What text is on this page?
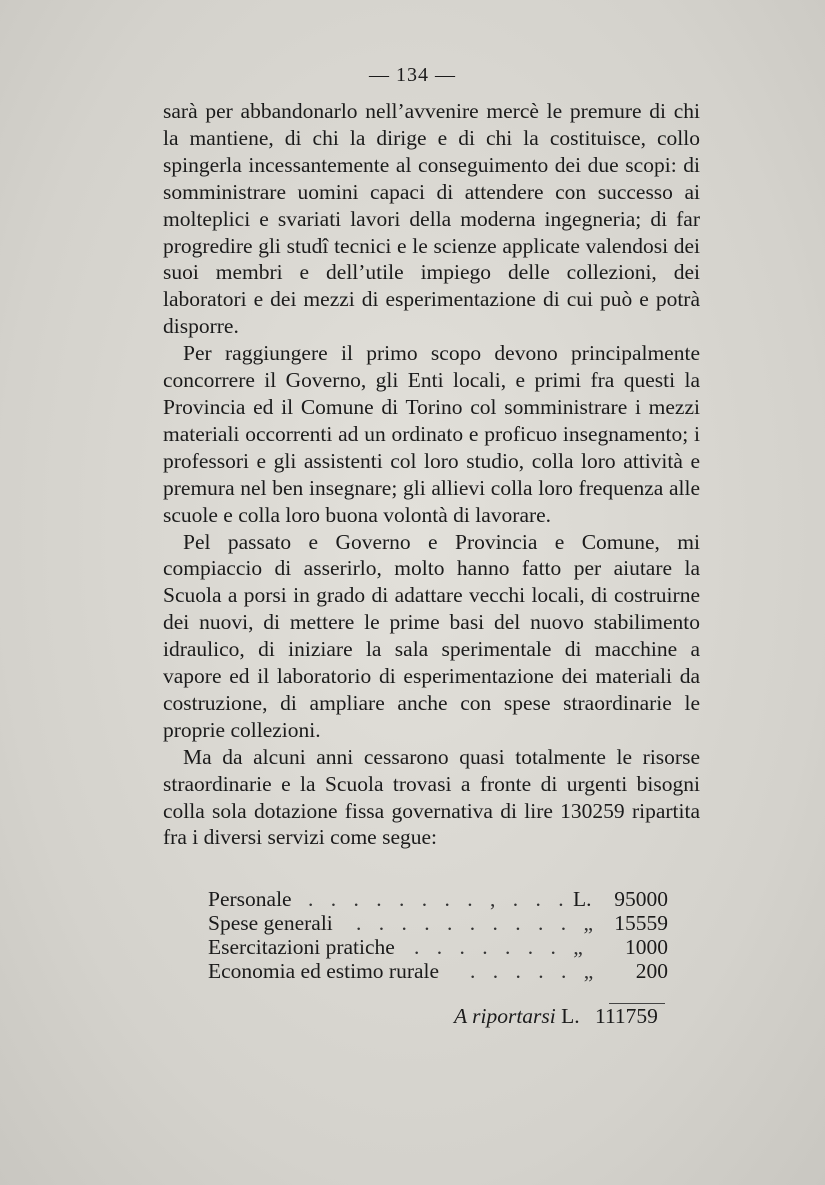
— 134 —

sarà per abbandonarlo nell’avvenire mercè le premure di chi la mantiene, di chi la dirige e di chi la costituisce, collo spingerla incessantemente al conseguimento dei due scopi: di somministrare uomini capaci di attendere con successo ai molteplici e svariati lavori della moderna ingegneria; di far progredire gli studî tecnici e le scienze applicate valendosi dei suoi membri e dell’utile impiego delle collezioni, dei laboratori e dei mezzi di esperimentazione di cui può e potrà disporre.

Per raggiungere il primo scopo devono principalmente concorrere il Governo, gli Enti locali, e primi fra questi la Provincia ed il Comune di Torino col somministrare i mezzi materiali occorrenti ad un ordinato e proficuo insegnamento; i professori e gli assistenti col loro studio, colla loro attività e premura nel ben insegnare; gli allievi colla loro frequenza alle scuole e colla loro buona volontà di lavorare.

Pel passato e Governo e Provincia e Comune, mi compiaccio di asserirlo, molto hanno fatto per aiutare la Scuola a porsi in grado di adattare vecchi locali, di costruirne dei nuovi, di mettere le prime basi del nuovo stabilimento idraulico, di iniziare la sala sperimentale di macchine a vapore ed il laboratorio di esperimentazione dei materiali da costruzione, di ampliare anche con spese straordinarie le proprie collezioni.

Ma da alcuni anni cessarono quasi totalmente le risorse straordinarie e la Scuola trovasi a fronte di urgenti bisogni colla sola dotazione fissa governativa di lire 130259 ripartita fra i diversi servizi come segue:

Personale . . . . . . . . , . . . L. 95000
Spese generali . . . . . . . . . . „ 15559
Esercitazioni pratiche . . . . . . . „ 1000
Economia ed estimo rurale . . . . . „ 200
A riportarsi L. 111759
